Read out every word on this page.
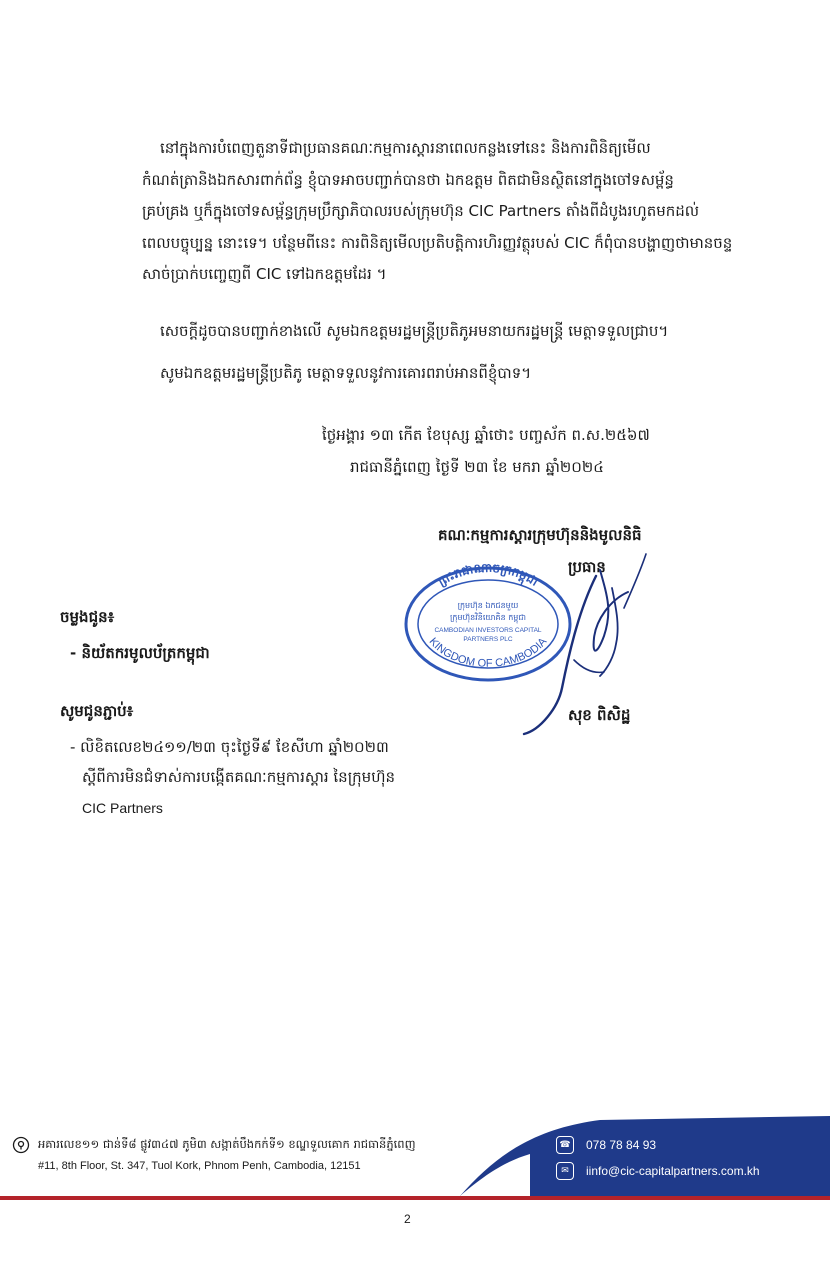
នៅក្នុងការបំពេញតួនាទីជាប្រធានគណៈកម្មការស្តារនាពេលកន្លងទៅនេះ និងការពិនិត្យមើល
កំណត់ត្រានិងឯកសារពាក់ព័ន្ធ ខ្ញុំបាទអាចបញ្ជាក់បានថា ឯកឧត្តម ពិតជាមិនស្ថិតនៅក្នុងចៅទសម្ព័ន្ធ
គ្រប់គ្រង ឬក៏ក្នុងចៅទសម្ព័ន្ធក្រុមប្រឹក្សាភិបាលរបស់ក្រុមហ៊ុន CIC Partners តាំងពីដំបូងរហូតមកដល់
ពេលបច្ចុប្បន្ន នោះទេ។ បន្ថែមពីនេះ ការពិនិត្យមើលប្រតិបត្តិការហិរញ្ញវត្ថុរបស់ CIC ក៏ពុំបានបង្ហាញថាមានចន្ទ
សាច់ប្រាក់បញ្ចេញពី CIC ទៅឯកឧត្តមដែរ ។

សេចក្តីដូចបានបញ្ជាក់ខាងលើ សូមឯកឧត្តមរដ្ឋមន្ត្រីប្រតិភូអមនាយករដ្ឋមន្ត្រី មេត្តាទទួលជ្រាប។

សូមឯកឧត្តមរដ្ឋមន្ត្រីប្រតិភូ មេត្តាទទួលនូវការគោរពរាប់អានពីខ្ញុំបាទ។

ថ្ងៃអង្គារ ១៣ កើត ខែបុស្ស ឆ្នាំថោះ បញ្ចស័ក ព.ស.២៥៦៧
រាជធានីភ្នំពេញ ថ្ងៃទី ២៣ ខែ មករា ឆ្នាំ២០២៤
គណៈកម្មការស្តារក្រុមហ៊ុននិងមូលនិធិ
ប្រធាន
ព្រះរាជាណាចក្រកម្ពុជា
KINGDOM OF CAMBODIA
ក្រុមហ៊ុន ឯកជនមួយ
ក្រុមហ៊ុនវិនិយោគិន កម្ពុជា
CAMBODIAN INVESTORS CAPITAL
PARTNERS PLC
ចម្លងជូន៖
- និយ័តករមូលប័ត្រកម្ពុជា
សុខ ពិសិដ្ឋ
សូមជូនភ្ជាប់៖
- លិខិតលេខ២៤១១/២៣ ចុះថ្ងៃទី៩ ខែសីហា ឆ្នាំ២០២៣
ស្តីពីការមិនជំទាស់ការបង្កើតគណៈកម្មការស្តារ នៃក្រុមហ៊ុន
CIC Partners
អគារលេខ១១ ជាន់ទី៨ ផ្លូវ៣៤៧ ភូមិ៣ សង្កាត់បឹងកក់ទី១ ខណ្ឌទួលគោក រាជធានីភ្នំពេញ
#11, 8th Floor, St. 347, Tuol Kork, Phnom Penh, Cambodia, 12151
☎ 078 78 84 93
✉	iinfo@cic-capitalpartners.com.kh
2
